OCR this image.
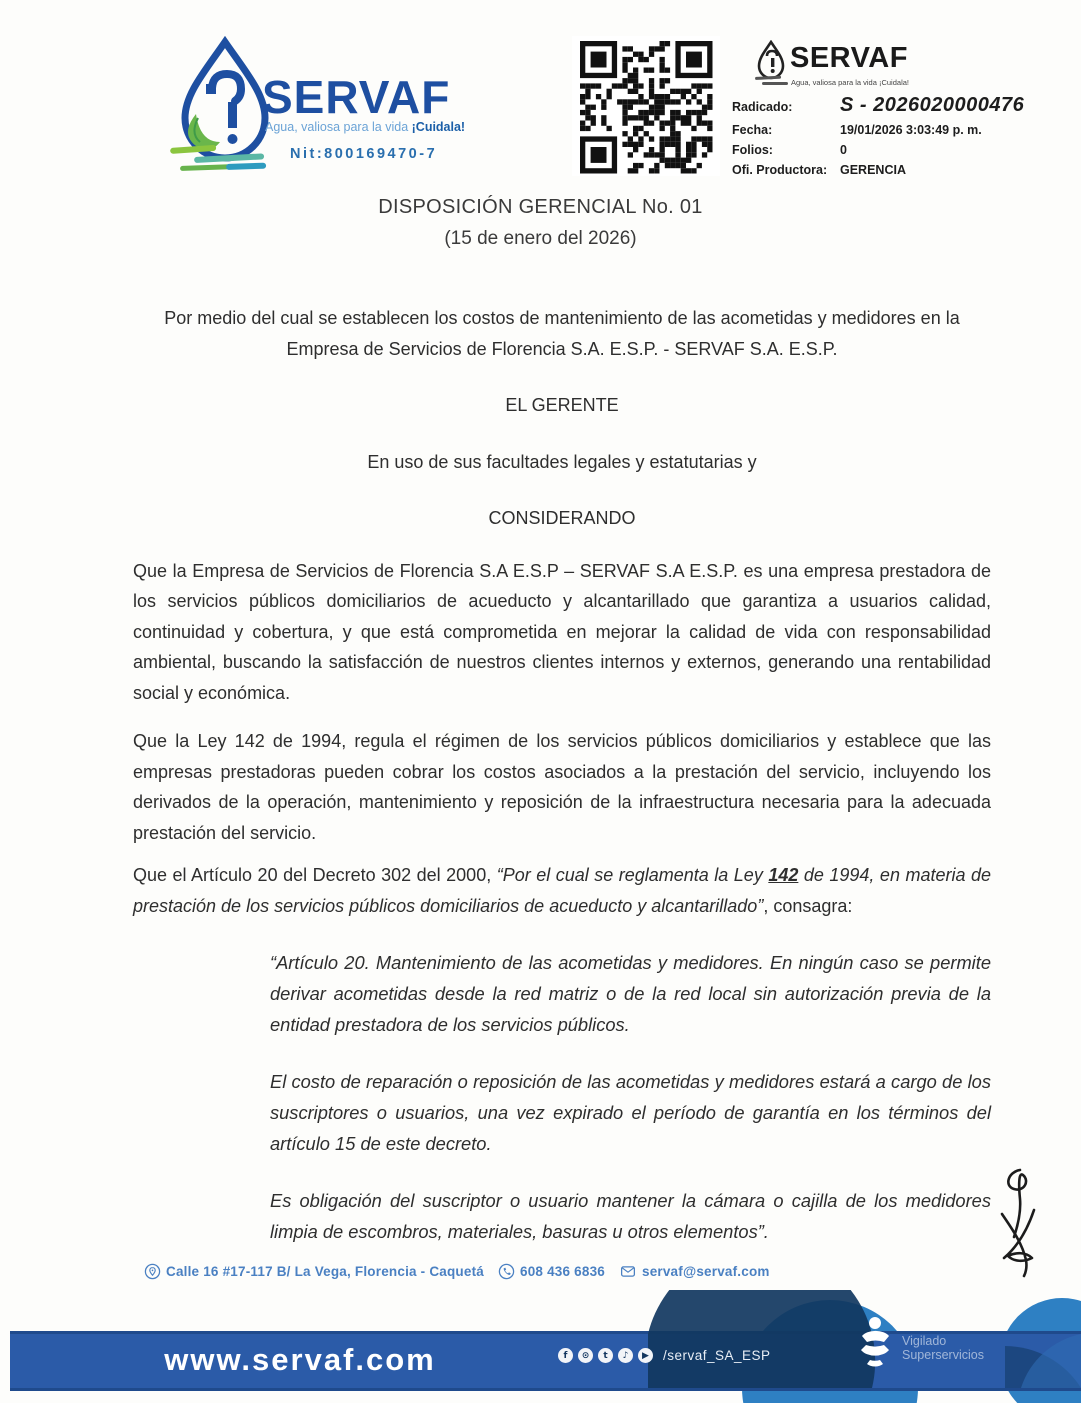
SERVAF
Agua, valiosa para la vida ¡Cuidala!
Nit:800169470-7
SERVAF
Agua, valiosa para la vida ¡Cuidala!
Radicado:	S - 2026020000476
Fecha:	19/01/2026 3:03:49 p. m.
Folios:	0
Ofi. Productora:	GERENCIA
DISPOSICIÓN GERENCIAL No. 01
(15 de enero del 2026)

Por medio del cual se establecen los costos de mantenimiento de las acometidas y medidores en la Empresa de Servicios de Florencia S.A. E.S.P. - SERVAF S.A. E.S.P.

EL GERENTE

En uso de sus facultades legales y estatutarias y

CONSIDERANDO

Que la Empresa de Servicios de Florencia S.A E.S.P – SERVAF S.A E.S.P. es una empresa prestadora de los servicios públicos domiciliarios de acueducto y alcantarillado que garantiza a usuarios calidad, continuidad y cobertura, y que está comprometida en mejorar la calidad de vida con responsabilidad ambiental, buscando la satisfacción de nuestros clientes internos y externos, generando una rentabilidad social y económica.

Que la Ley 142 de 1994, regula el régimen de los servicios públicos domiciliarios y establece que las empresas prestadoras pueden cobrar los costos asociados a la prestación del servicio, incluyendo los derivados de la operación, mantenimiento y reposición de la infraestructura necesaria para la adecuada prestación del servicio.

Que el Artículo 20 del Decreto 302 del 2000, “Por el cual se reglamenta la Ley 142 de 1994, en materia de prestación de los servicios públicos domiciliarios de acueducto y alcantarillado”, consagra:

“Artículo 20. Mantenimiento de las acometidas y medidores. En ningún caso se permite derivar acometidas desde la red matriz o de la red local sin autorización previa de la entidad prestadora de los servicios públicos.

El costo de reparación o reposición de las acometidas y medidores estará a cargo de los suscriptores o usuarios, una vez expirado el período de garantía en los términos del artículo 15 de este decreto.

Es obligación del suscriptor o usuario mantener la cámara o cajilla de los medidores limpia de escombros, materiales, basuras u otros elementos”.

Calle 16 #17-117 B/ La Vega, Florencia - Caquetá	608 436 6836	servaf@servaf.com
www.servaf.com	f	⊙	t	♪	▶ /servaf_SA_ESP
Vigilado
Superservicios
